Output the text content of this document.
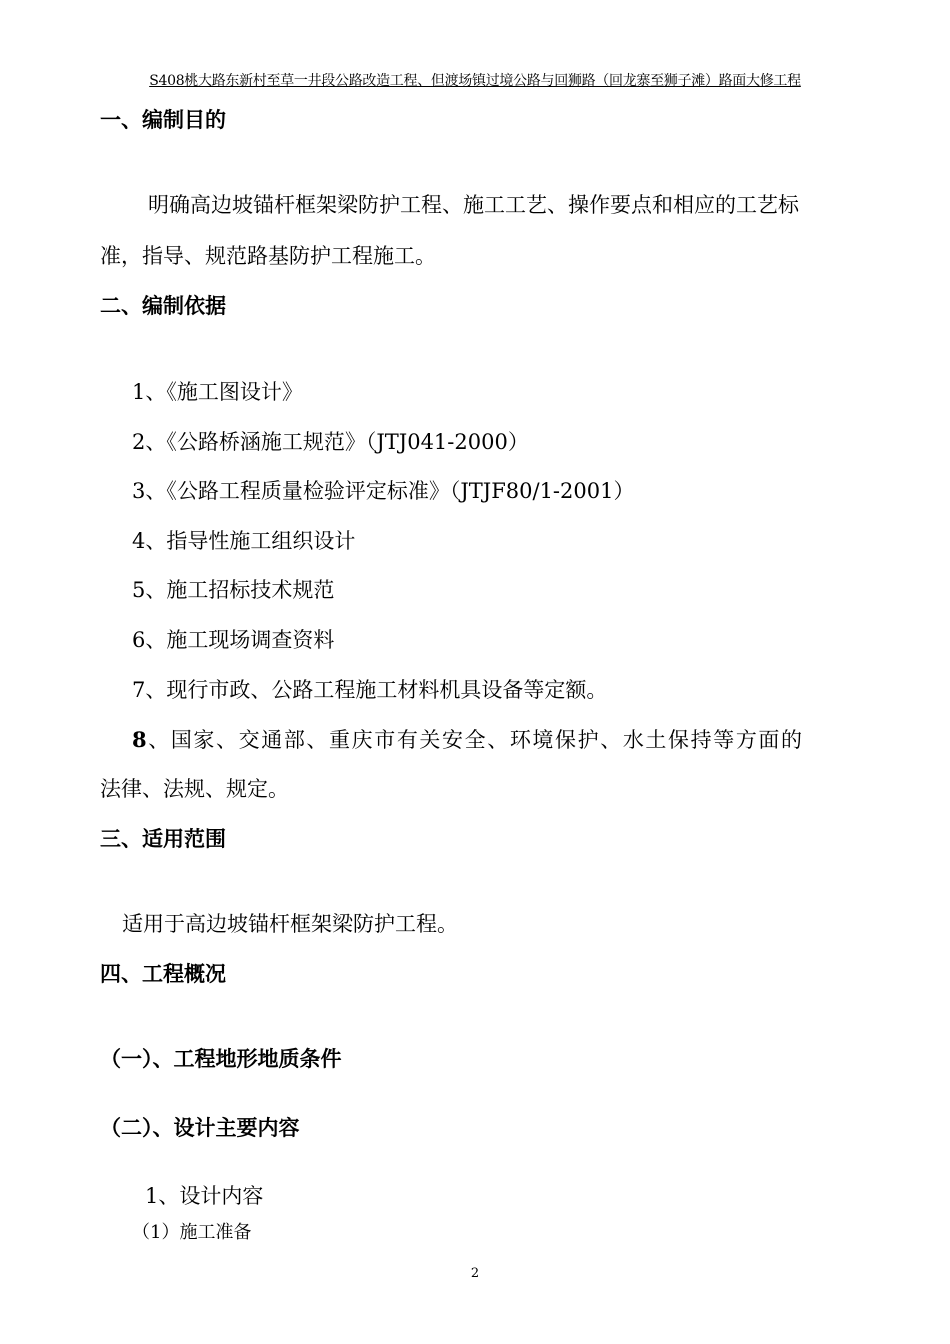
S408桃大路东新村至草一井段公路改造工程、但渡场镇过境公路与回狮路（回龙寨至狮子滩）路面大修工程
一、编制目的
明确高边坡锚杆框架梁防护工程、施工工艺、操作要点和相应的工艺标
准，指导、规范路基防护工程施工。
二、编制依据
1、《施工图设计》
2、《公路桥涵施工规范》（JTJ041-2000）
3、《公路工程质量检验评定标准》（JTJF80/1-2001）
4、指导性施工组织设计
5、施工招标技术规范
6、施工现场调查资料
7、现行市政、公路工程施工材料机具设备等定额。
8、国家、交通部、重庆市有关安全、环境保护、水土保持等方面的
法律、法规、规定。
三、适用范围
适用于高边坡锚杆框架梁防护工程。
四、工程概况
（一）、工程地形地质条件
（二）、设计主要内容
1、设计内容
（1）施工准备
2
